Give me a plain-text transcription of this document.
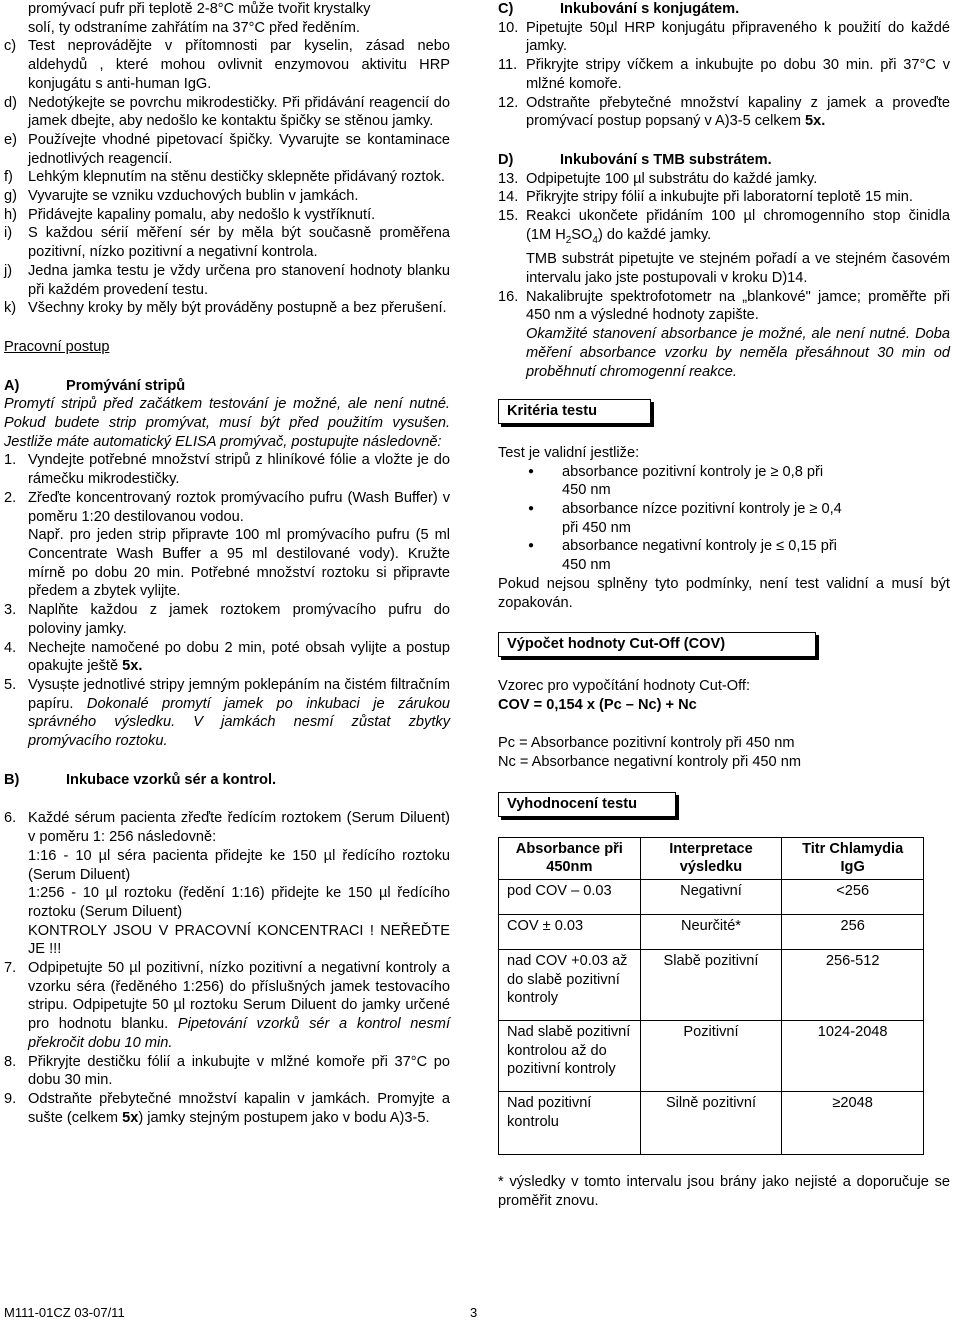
promývací pufr při teplotě 2-8°C může tvořit krystalky

solí, ty odstraníme zahřátím na 37°C před ředěním.

c) Test neprovádějte v přítomnosti par kyselin, zásad nebo aldehydů , které mohou ovlivnit enzymovou aktivitu HRP konjugátu s anti-human IgG.
d) Nedotýkejte se povrchu mikrodestičky. Při přidávání reagencií do jamek dbejte, aby nedošlo ke kontaktu špičky se stěnou jamky.
e) Používejte vhodné pipetovací špičky. Vyvarujte se kontaminace jednotlivých reagencií.
f)	Lehkým klepnutím na stěnu destičky sklepněte přidávaný roztok.
g) Vyvarujte se vzniku vzduchových bublin v jamkách.
h) Přidávejte kapaliny pomalu, aby nedošlo k vystříknutí.
i)	S každou sérií měření sér by měla být současně proměřena pozitivní, nízko pozitivní a negativní kontrola.
j)	Jedna jamka testu je vždy určena pro stanovení hodnoty blanku při každém provedení testu.
k) Všechny kroky by měly být prováděny postupně a bez přerušení.

Pracovní postup

A)	Promývání stripů

Promytí stripů před začátkem testování je možné, ale není nutné. Pokud budete strip promývat, musí být před použitím vysušen. Jestliže máte automatický ELISA promývač, postupujte následovně:

1. Vyndejte potřebné množství stripů z hliníkové fólie a vložte je do rámečku mikrodestičky.

2. Zřeďte koncentrovaný roztok promývacího pufru (Wash Buffer) v poměru 1:20 destilovanou vodou.

Např. pro jeden strip připravte 100 ml promývacího pufru (5 ml Concentrate Wash Buffer a 95 ml destilované vody). Kružte mírně po dobu 20 min. Potřebné množství roztoku si připravte předem a zbytek vylijte.

3. Naplňte každou z jamek roztokem promývacího pufru do poloviny jamky.

4. Nechejte namočené po dobu 2 min, poté obsah vylijte a postup opakujte ještě 5x.

5. Vysuște jednotlivé stripy jemným poklepáním na čistém filtračním papíru. Dokonalé promytí jamek po inkubaci je zárukou správného výsledku. V jamkách nesmí zůstat zbytky promývacího roztoku.

B)	Inkubace vzorků sér a kontrol.
6. Každé sérum pacienta zřeďte ředícím roztokem (Serum Diluent) v poměru 1: 256 následovně:

1:16 - 10 µl séra pacienta přidejte ke 150 µl ředícího roztoku (Serum Diluent)

1:256 - 10 µl roztoku (ředění 1:16) přidejte ke 150 µl ředícího roztoku (Serum Diluent)

KONTROLY JSOU V PRACOVNÍ KONCENTRACI ! NEŘEĎTE JE !!!

7. Odpipetujte 50 µl pozitivní, nízko pozitivní a negativní kontroly a vzorku séra (ředěného 1:256) do příslušných jamek testovacího stripu. Odpipetujte 50 µl roztoku Serum Diluent do jamky určené pro hodnotu blanku. Pipetování vzorků sér a kontrol nesmí překročit dobu 10 min.

8. Přikryjte destičku fólií a inkubujte v mlžné komoře při 37°C po dobu 30 min.

9. Odstraňte přebytečné množství kapalin v jamkách. Promyjte a sušte (celkem 5x) jamky stejným postupem jako v bodu A)3-5.

C)	Inkubování s konjugátem.
10. Pipetujte 50µl HRP konjugátu připraveného k použití do každé jamky.

11. Přikryjte stripy víčkem a inkubujte po dobu 30 min. při 37°C v mlžné komoře.

12. Odstraňte přebytečné množství kapaliny z jamek a proveďte promývací postup popsaný v A)3-5 celkem 5x.

D)	Inkubování s TMB substrátem.
13. Odpipetujte 100 µl substrátu do každé jamky.

14. Přikryjte stripy fólií a inkubujte při laboratorní teplotě 15 min.

15. Reakci ukončete přidáním 100 µl chromogenního stop činidla (1M $H_2SO_4$) do každé jamky.

TMB substrát pipetujte ve stejném pořadí a ve stejném časovém intervalu jako jste postupovali v kroku D)14.

16. Nakalibrujte spektrofotometr na „blankové" jamce; proměřte při 450 nm a výsledné hodnoty zapište.

Okamžité stanovení absorbance je možné, ale není nutné. Doba měření absorbance vzorku by neměla přesáhnout 30 min od proběhnutí chromogenní reakce.

Kritéria testu

Test je validní jestliže:

●	absorbance pozitivní kontroly je ≥ 0,8 při

450 nm

●	absorbance nízce pozitivní kontroly je ≥ 0,4

při 450 nm

●	absorbance negativní kontroly je ≤ 0,15 při

450 nm

Pokud nejsou splněny tyto podmínky, není test validní a musí být zopakován.

Výpočet hodnoty Cut-Off (COV)

Vzorec pro vypočítání hodnoty Cut-Off:

COV = 0,154 x (Pc – Nc) + Nc

Pc = Absorbance pozitivní kontroly při 450 nm

Nc = Absorbance negativní kontroly při 450 nm

Vyhodnocení testu
Absorbance při 450nm	Interpretace výsledku	Titr Chlamydia IgG
pod COV – 0.03	Negativní	<256
COV ± 0.03	Neurčité*	256
nad COV +0.03 až do slabě pozitivní kontroly	Slabě pozitivní	256-512
Nad slabě pozitivní kontrolou až do pozitivní kontroly	Pozitivní	1024-2048
Nad pozitivní kontrolu	Silně pozitivní	≥2048

* výsledky v tomto intervalu jsou brány jako nejisté a doporučuje se proměřit znovu.

M111-01CZ 03-07/11	3
